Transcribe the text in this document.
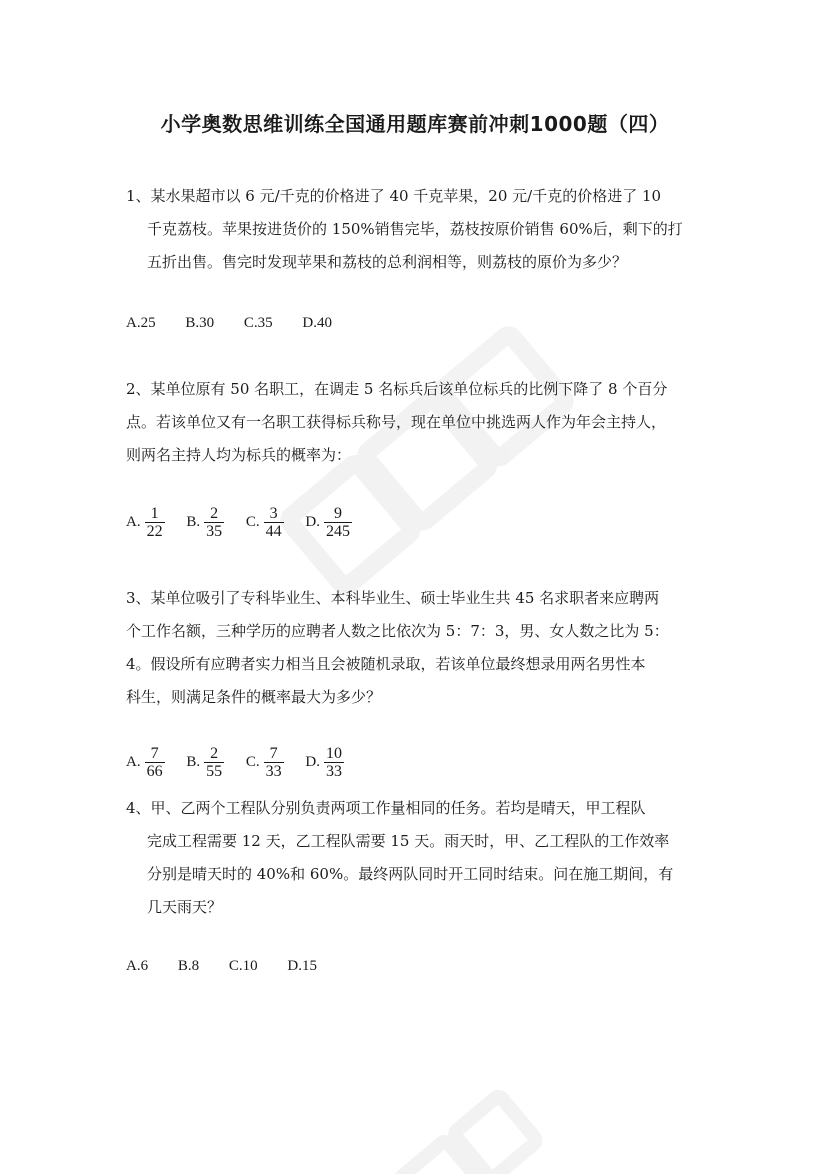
小学奥数思维训练全国通用题库赛前冲刺1000题（四）
1、某水果超市以 6 元/千克的价格进了 40 千克苹果，20 元/千克的价格进了 10
千克荔枝。苹果按进货价的 150%销售完毕，荔枝按原价销售 60%后，剩下的打
五折出售。售完时发现苹果和荔枝的总利润相等，则荔枝的原价为多少？
A.25 B.30 C.35 D.40
2、某单位原有 50 名职工，在调走 5 名标兵后该单位标兵的比例下降了 8 个百分
点。若该单位又有一名职工获得标兵称号，现在单位中挑选两人作为年会主持人，
则两名主持人均为标兵的概率为：
A. $\frac{1}{22}$
B. $\frac{2}{35}$
C. $\frac{3}{44}$
D. $\frac{9}{245}$
3、某单位吸引了专科毕业生、本科毕业生、硕士毕业生共 45 名求职者来应聘两
个工作名额，三种学历的应聘者人数之比依次为 5：7：3，男、女人数之比为 5：
4。假设所有应聘者实力相当且会被随机录取，若该单位最终想录用两名男性本
科生，则满足条件的概率最大为多少？
A. $\frac{7}{66}$
B. $\frac{2}{55}$
C. $\frac{7}{33}$
D. $\frac{10}{33}$
4、甲、乙两个工程队分别负责两项工作量相同的任务。若均是晴天，甲工程队
完成工程需要 12 天，乙工程队需要 15 天。雨天时，甲、乙工程队的工作效率
分别是晴天时的 40%和 60%。最终两队同时开工同时结束。问在施工期间，有
几天雨天？
A.6 B.8 C.10 D.15
